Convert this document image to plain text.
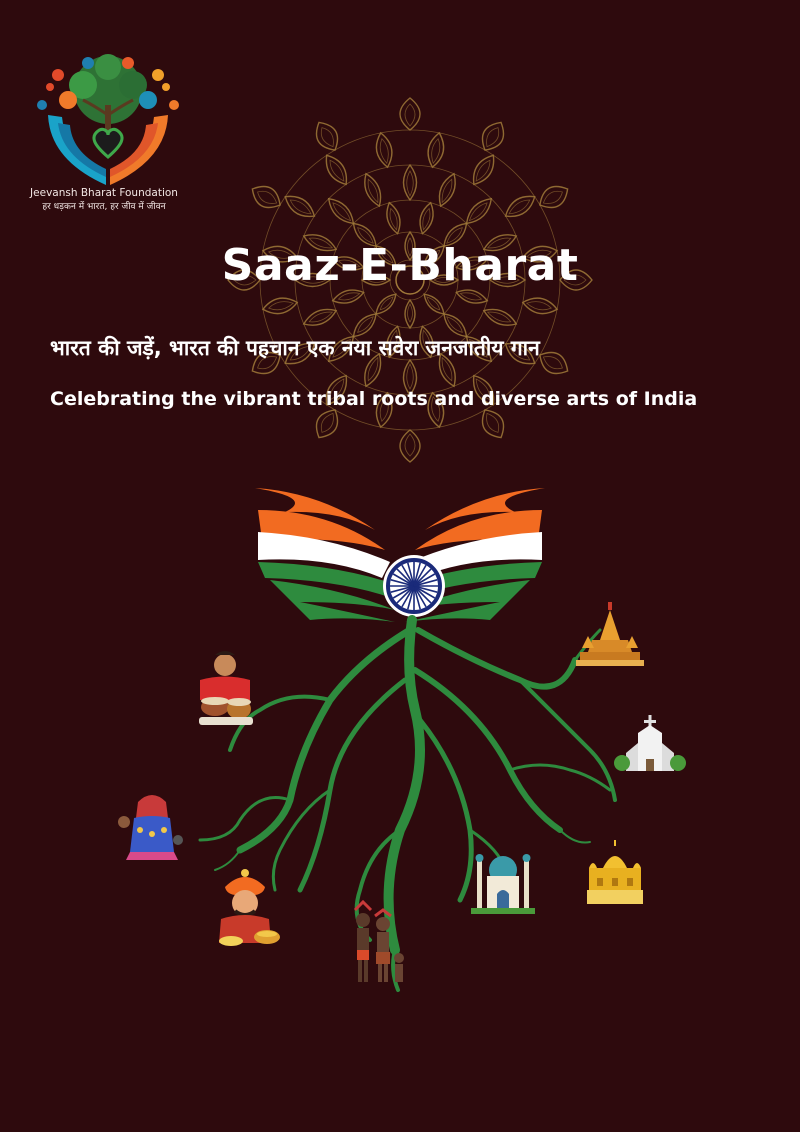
Jeevansh Bharat Foundation
हर धड़कन में भारत, हर जीव में जीवन
Saaz-E-Bharat
भारत की जड़ें, भारत की पहचान एक नया सवेरा जनजातीय गान
Celebrating the vibrant tribal roots and diverse arts of India
